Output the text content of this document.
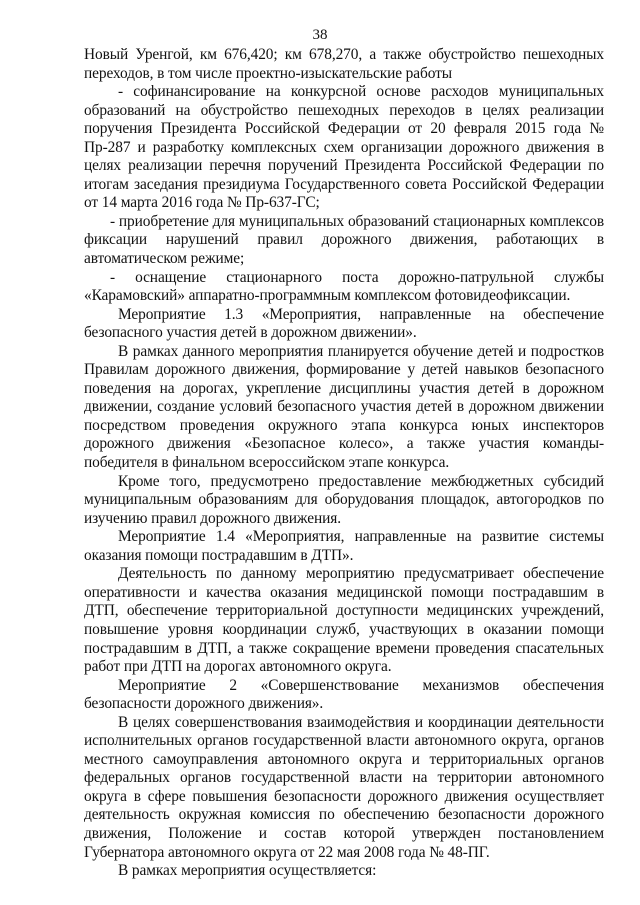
38

Новый Уренгой, км 676,420; км 678,270, а также обустройство пешеходных переходов, в том числе проектно-изыскательские работы

- софинансирование на конкурсной основе расходов муниципальных образований на обустройство пешеходных переходов в целях реализации поручения Президента Российской Федерации от 20 февраля 2015 года № Пр-287 и разработку комплексных схем организации дорожного движения в целях реализации перечня поручений Президента Российской Федерации по итогам заседания президиума Государственного совета Российской Федерации от 14 марта 2016 года № Пр-637-ГС;

- приобретение для муниципальных образований стационарных комплексов фиксации нарушений правил дорожного движения, работающих в автоматическом режиме;

- оснащение стационарного поста дорожно-патрульной службы «Карамовский» аппаратно-программным комплексом фотовидеофиксации.

Мероприятие 1.3 «Мероприятия, направленные на обеспечение безопасного участия детей в дорожном движении».

В рамках данного мероприятия планируется обучение детей и подростков Правилам дорожного движения, формирование у детей навыков безопасного поведения на дорогах, укрепление дисциплины участия детей в дорожном движении, создание условий безопасного участия детей в дорожном движении посредством проведения окружного этапа конкурса юных инспекторов дорожного движения «Безопасное колесо», а также участия команды-победителя в финальном всероссийском этапе конкурса.

Кроме того, предусмотрено предоставление межбюджетных субсидий муниципальным образованиям для оборудования площадок, автогородков по изучению правил дорожного движения.

Мероприятие 1.4 «Мероприятия, направленные на развитие системы оказания помощи пострадавшим в ДТП».

Деятельность по данному мероприятию предусматривает обеспечение оперативности и качества оказания медицинской помощи пострадавшим в ДТП, обеспечение территориальной доступности медицинских учреждений, повышение уровня координации служб, участвующих в оказании помощи пострадавшим в ДТП, а также сокращение времени проведения спасательных работ при ДТП на дорогах автономного округа.

Мероприятие 2 «Совершенствование механизмов обеспечения безопасности дорожного движения».

В целях совершенствования взаимодействия и координации деятельности исполнительных органов государственной власти автономного округа, органов местного самоуправления автономного округа и территориальных органов федеральных органов государственной власти на территории автономного округа в сфере повышения безопасности дорожного движения осуществляет деятельность окружная комиссия по обеспечению безопасности дорожного движения, Положение и состав которой утвержден постановлением Губернатора автономного округа от 22 мая 2008 года № 48-ПГ.

В рамках мероприятия осуществляется:
